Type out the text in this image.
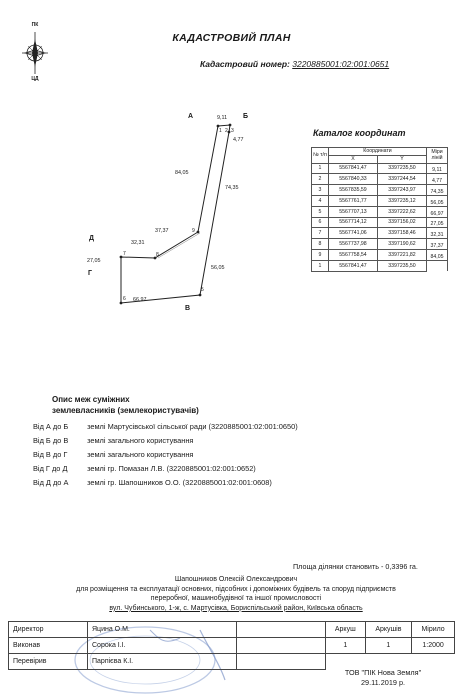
ПК
ЦД
КАДАСТРОВИЙ ПЛАН
Кадастровий номер: 3220885001:02:001:0651
А	Б
В
Г
Д
1 2 3
5
6
7	8
9
9,11
4,77
74,35
56,05
66,97
27,05
32,31
37,37
84,05
Каталог координат
№ т/п	Координати		Міри ліній
	X	Y	
1	5567841,47	3397235,50	9,11
2	5567840,33	3397244,54	4,77
3	5567835,59	3397243,97	74,35
4	5567761,77	3397235,12	56,05
5	5567707,13	3397222,62	66,97
6	5567714,12	3397156,02	27,05
7	5567741,06	3397158,46	32,31
8	5567737,98	3397190,62	37,37
9	5567758,54	3397221,82	84,05
1	5567841,47	3397235,50	
Опис меж суміжних
землевласників (землекористувачів)
Від А до Б	землі Мартусівської сільської ради (3220885001:02:001:0650)
Від Б до В	землі загального користування
Від В до Г	землі загального користування
Від Г до Д	землі гр. Помазан Л.В. (3220885001:02:001:0652)
Від Д до А	землі гр. Шапошников О.О. (3220885001:02:001:0608)
Площа ділянки становить - 0,3396 га.
Шапошников Олексій Олександрович
для розміщення та експлуатації основних, підсобних і допоміжних будівель та споруд підприємств
переробної, машинобудівної та іншої промисловості
вул. Чубинського, 1-ж, с. Мартусівка, Бориспільський район, Київська область
Директор	Яцина О.М.		Аркуш	Аркушів	Мірило
Виконав	Сорока І.І.		1	1	1:2000
Перевірив	Парпієва К.І.				
ТОВ "ПІК Нова Земля"
29.11.2019 р.
